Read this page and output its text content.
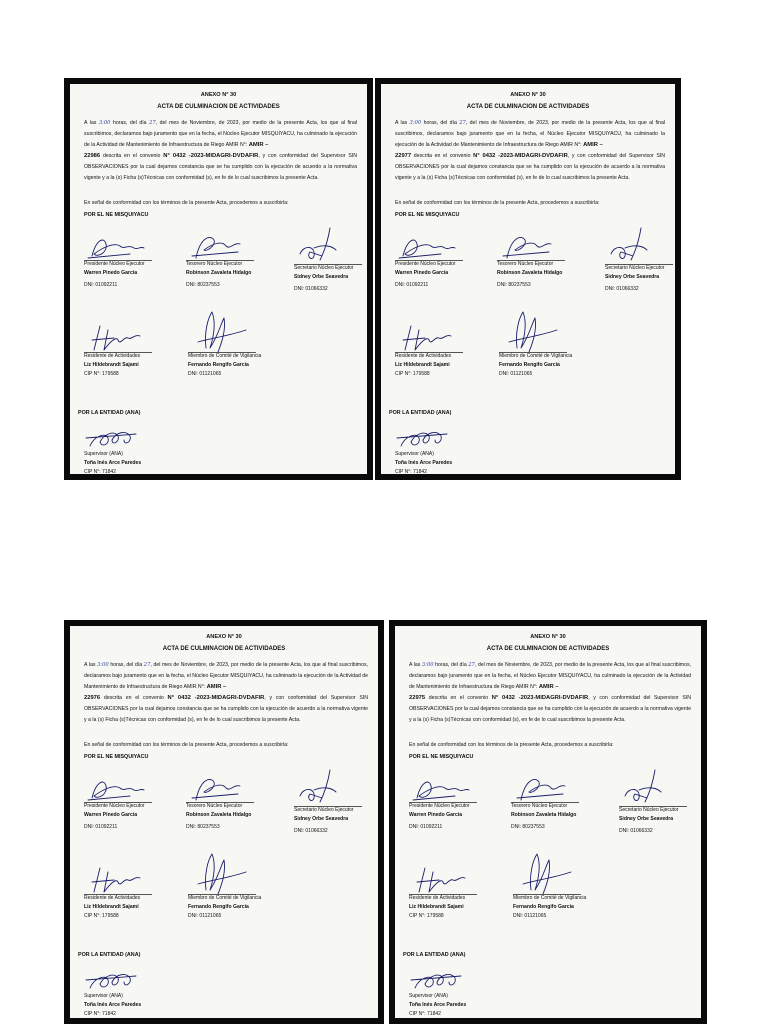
ANEXO N° 30
ACTA DE CULMINACION DE ACTIVIDADES
A las 3:00 horas, del día 27, del mes de Noviembre, de 2023, por medio de la presente Acta, los que al final suscribimos, declaramos bajo juramento que en la fecha, el Núcleo Ejecutor MISQUIYACU, ha culminado la ejecución de la Actividad de Mantenimiento de Infraestructura de Riego AMIR N°: AMIR –
22986 descrita en el convenio N° 0432 -2023-MIDAGRI-DVDAFIR, y con conformidad del Supervisor SIN OBSERVACIONES por la cual dejamos constancia que se ha cumplido con la ejecución de acuerdo a la normativa vigente y a la (s) Ficha (s)Técnicas con conformidad (s), en fe de lo cual suscribimos la presente Acta.
En señal de conformidad con los términos de la presente Acta, procedemos a suscribirla:
POR EL NE MISQUIYACU
Presidente Núcleo Ejecutor
Warren Pinedo García
DNI: 01092211
Tesorero Núcleo Ejecutor
Robinson Zavaleta Hidalgo
DNI: 80237553
Secretario Núcleo Ejecutor
Sidney Orbe Seavedra
DNI: 01066332
Residente de Actividades
Liz Hildebrandt Sajami
CIP N°: 179588
Miembro de Comité de Vigilancia
Fernando Rengifo García
DNI: 01121065
POR LA ENTIDAD (ANA)
Supervisor (ANA)
Toña Inés Arce Paredes
CIP N°: 71842
ANEXO N° 30
ACTA DE CULMINACION DE ACTIVIDADES
A las 3:00 horas, del día 27, del mes de Noviembre, de 2023, por medio de la presente Acta, los que al final suscribimos, declaramos bajo juramento que en la fecha, el Núcleo Ejecutor MISQUIYACU, ha culminado la ejecución de la Actividad de Mantenimiento de Infraestructura de Riego AMIR N°: AMIR –
22977 descrita en el convenio N° 0432 -2023-MIDAGRI-DVDAFIR, y con conformidad del Supervisor SIN OBSERVACIONES por la cual dejamos constancia que se ha cumplido con la ejecución de acuerdo a la normativa vigente y a la (s) Ficha (s)Técnicas con conformidad (s), en fe de lo cual suscribimos la presente Acta.
En señal de conformidad con los términos de la presente Acta, procedemos a suscribirla:
POR EL NE MISQUIYACU
Presidente Núcleo Ejecutor
Warren Pinedo García
DNI: 01092211
Tesorero Núcleo Ejecutor
Robinson Zavaleta Hidalgo
DNI: 80237553
Secretario Núcleo Ejecutor
Sidney Orbe Seavedra
DNI: 01066332
Residente de Actividades
Liz Hildebrandt Sajami
CIP N°: 179588
Miembro de Comité de Vigilancia
Fernando Rengifo García
DNI: 01121065
POR LA ENTIDAD (ANA)
Supervisor (ANA)
Toña Inés Arce Paredes
CIP N°: 71842
ANEXO N° 30
ACTA DE CULMINACION DE ACTIVIDADES
A las 3:00 horas, del día 27, del mes de Noviembre, de 2023, por medio de la presente Acta, los que al final suscribimos, declaramos bajo juramento que en la fecha, el Núcleo Ejecutor MISQUIYACU, ha culminado la ejecución de la Actividad de Mantenimiento de Infraestructura de Riego AMIR N°: AMIR –
22976 descrita en el convenio N° 0432 -2023-MIDAGRI-DVDAFIR, y con conformidad del Supervisor SIN OBSERVACIONES por la cual dejamos constancia que se ha cumplido con la ejecución de acuerdo a la normativa vigente y a la (s) Ficha (s)Técnicas con conformidad (s), en fe de lo cual suscribimos la presente Acta.
En señal de conformidad con los términos de la presente Acta, procedemos a suscribirla:
POR EL NE MISQUIYACU
Presidente Núcleo Ejecutor
Warren Pinedo García
DNI: 01092211
Tesorero Núcleo Ejecutor
Robinson Zavaleta Hidalgo
DNI: 80237553
Secretario Núcleo Ejecutor
Sidney Orbe Seavedra
DNI: 01066332
Residente de Actividades
Liz Hildebrandt Sajami
CIP N°: 179588
Miembro de Comité de Vigilancia
Fernando Rengifo García
DNI: 01121065
POR LA ENTIDAD (ANA)
Supervisor (ANA)
Toña Inés Arce Paredes
CIP N°: 71842
ANEXO N° 30
ACTA DE CULMINACION DE ACTIVIDADES
A las 3:00 horas, del día 27, del mes de Noviembre, de 2023, por medio de la presente Acta, los que al final suscribimos, declaramos bajo juramento que en la fecha, el Núcleo Ejecutor MISQUIYACU, ha culminado la ejecución de la Actividad de Mantenimiento de Infraestructura de Riego AMIR N°: AMIR –
22975 descrita en el convenio N° 0432 -2023-MIDAGRI-DVDAFIR, y con conformidad del Supervisor SIN OBSERVACIONES por la cual dejamos constancia que se ha cumplido con la ejecución de acuerdo a la normativa vigente y a la (s) Ficha (s)Técnicas con conformidad (s), en fe de lo cual suscribimos la presente Acta.
En señal de conformidad con los términos de la presente Acta, procedemos a suscribirla:
POR EL NE MISQUIYACU
Presidente Núcleo Ejecutor
Warren Pinedo García
DNI: 01092211
Tesorero Núcleo Ejecutor
Robinson Zavaleta Hidalgo
DNI: 80237553
Secretario Núcleo Ejecutor
Sidney Orbe Seavedra
DNI: 01066332
Residente de Actividades
Liz Hildebrandt Sajami
CIP N°: 179588
Miembro de Comité de Vigilancia
Fernando Rengifo García
DNI: 01121065
POR LA ENTIDAD (ANA)
Supervisor (ANA)
Toña Inés Arce Paredes
CIP N°: 71842
